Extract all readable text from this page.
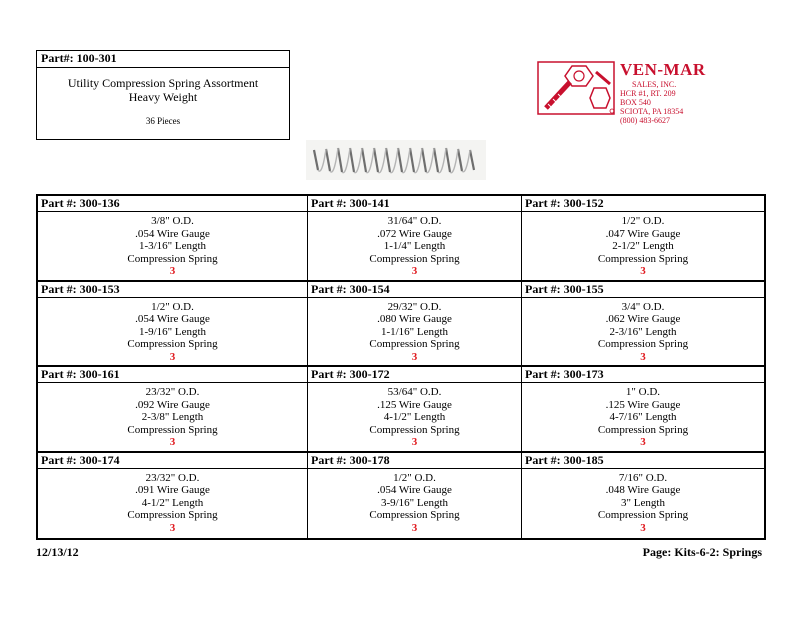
Part#: 100-301
Utility Compression Spring Assortment
Heavy Weight
36 Pieces
VEN-MAR
SALES, INC.
HCR #1, RT. 209
BOX 540
SCIOTA, PA 18354
(800) 483-6627
Part #: 300-136
3/8" O.D.
.054 Wire Gauge
1-3/16" Length
Compression Spring
3
Part #: 300-141
31/64" O.D.
.072 Wire Gauge
1-1/4" Length
Compression Spring
3
Part #: 300-152
1/2" O.D.
.047 Wire Gauge
2-1/2" Length
Compression Spring
3
Part #: 300-153
1/2" O.D.
.054 Wire Gauge
1-9/16" Length
Compression Spring
3
Part #: 300-154
29/32" O.D.
.080 Wire Gauge
1-1/16" Length
Compression Spring
3
Part #: 300-155
3/4" O.D.
.062 Wire Gauge
2-3/16" Length
Compression Spring
3
Part #: 300-161
23/32" O.D.
.092 Wire Gauge
2-3/8" Length
Compression Spring
3
Part #: 300-172
53/64" O.D.
.125 Wire Gauge
4-1/2" Length
Compression Spring
3
Part #: 300-173
1" O.D.
.125 Wire Gauge
4-7/16" Length
Compression Spring
3
Part #: 300-174
23/32" O.D.
.091 Wire Gauge
4-1/2" Length
Compression Spring
3
Part #: 300-178
1/2" O.D.
.054 Wire Gauge
3-9/16" Length
Compression Spring
3
Part #: 300-185
7/16" O.D.
.048 Wire Gauge
3" Length
Compression Spring
3
12/13/12	Page: Kits-6-2: Springs
